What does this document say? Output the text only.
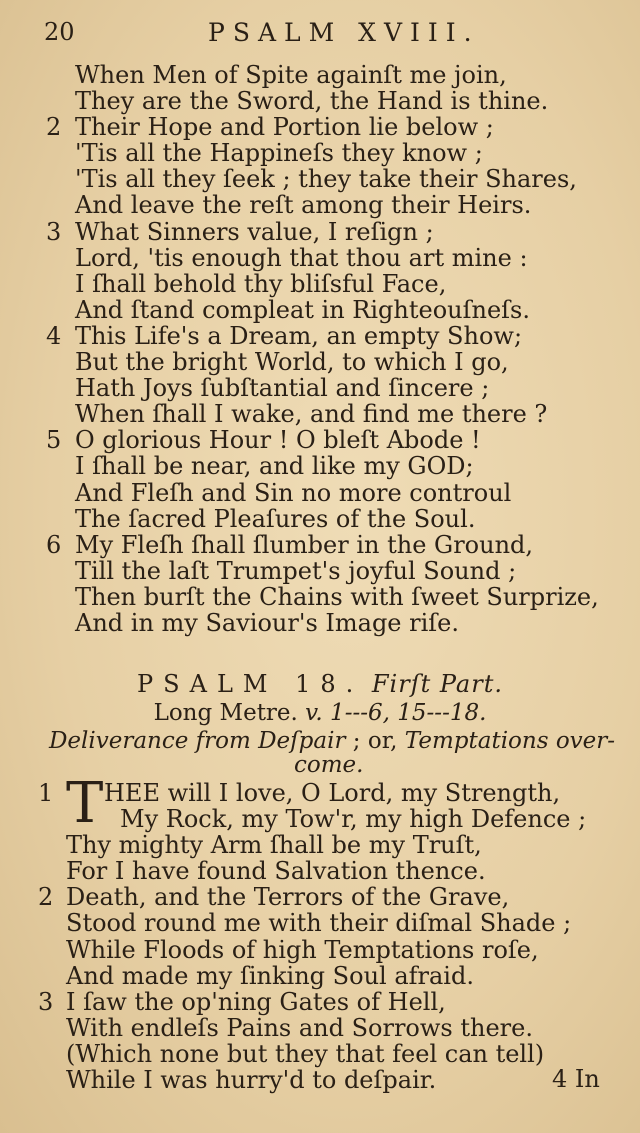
20	PSALM XVIII.
When Men of Spite againſt me join,
They are the Sword, the Hand is thine.
2 Their Hope and Portion lie below ;
'Tis all the Happineſs they know ;
'Tis all they ſeek ; they take their Shares,
And leave the reſt among their Heirs.
3 What Sinners value, I reſign ;
Lord, 'tis enough that thou art mine :
I ſhall behold thy bliſsful Face,
And ſtand compleat in Righteouſneſs.
4 This Life's a Dream, an empty Show;
But the bright World, to which I go,
Hath Joys ſubſtantial and ſincere ;
When ſhall I wake, and find me there ?
5 O glorious Hour ! O bleſt Abode !
I ſhall be near, and like my GOD;
And Fleſh and Sin no more controul
The ſacred Pleaſures of the Soul.
6 My Fleſh ſhall ſlumber in the Ground,
Till the laſt Trumpet's joyful Sound ;
Then burſt the Chains with ſweet Surprize,
And in my Saviour's Image riſe.
PSALM 18. Firſt Part.
Long Metre. v. 1---6, 15---18.
Deliverance from Deſpair ; or, Temptations over-
come.
T
1 HEE will I love, O Lord, my Strength,
My Rock, my Tow'r, my high Defence ;
Thy mighty Arm ſhall be my Truſt,
For I have found Salvation thence.
2 Death, and the Terrors of the Grave,
Stood round me with their diſmal Shade ;
While Floods of high Temptations roſe,
And made my ſinking Soul afraid.
3 I ſaw the op'ning Gates of Hell,
With endleſs Pains and Sorrows there.
(Which none but they that feel can tell)
While I was hurry'd to deſpair.	4 In
